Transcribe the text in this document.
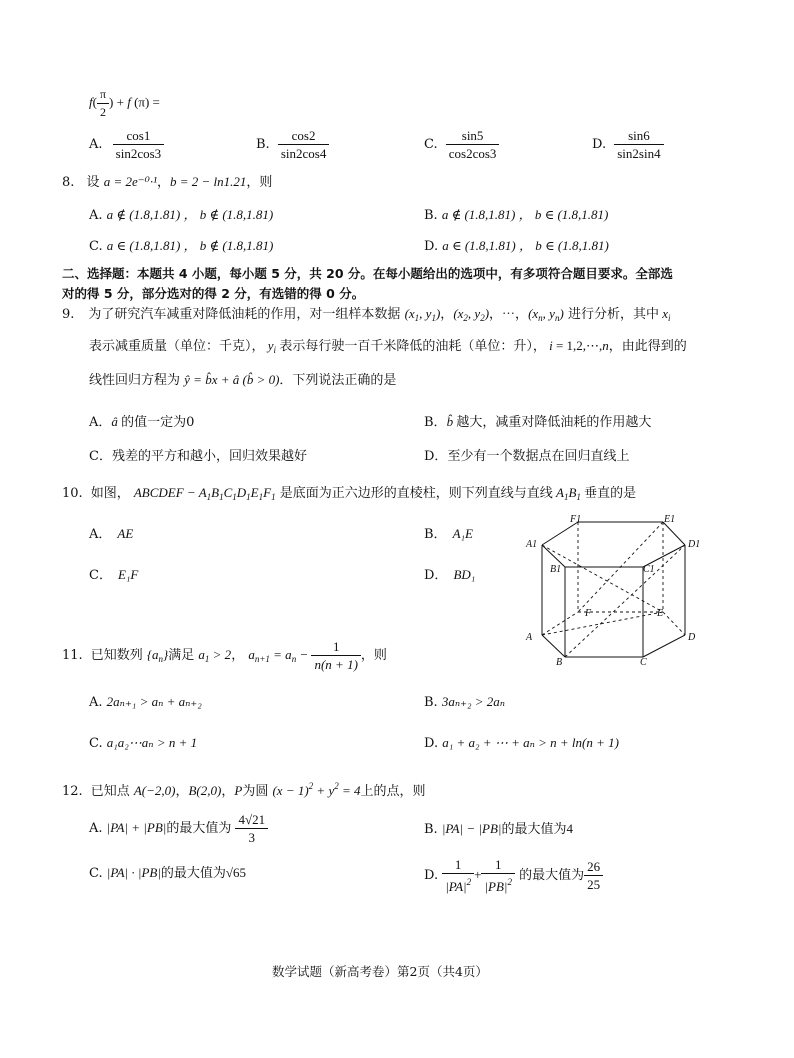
$f( \frac{\pi}{2}$ ) + f (π) =
A. $\frac{\cos 1}{\sin 2\cos 3}$	B. $\frac{\cos 2}{\sin 2\cos 4}$	C. $\frac{\sin 5}{\cos 2\cos 3}$	D. $\frac{\sin 6}{\sin 2\sin 4}$
8. 设 a = 2e⁻⁰·¹，b = 2 − ln1.21，则
A. a ∉ (1.8,1.81) ， b ∉ (1.8,1.81)	B. a ∉ (1.8,1.81) ， b ∈ (1.8,1.81)
C. a ∈ (1.8,1.81) ， b ∉ (1.8,1.81)	D. a ∈ (1.8,1.81) ， b ∈ (1.8,1.81)
二、选择题：本题共 4 小题，每小题 5 分，共 20 分。在每小题给出的选项中，有多项符合题目要求。全部选
对的得 5 分，部分选对的得 2 分，有选错的得 0 分。
9. 为了研究汽车减重对降低油耗的作用，对一组样本数据 ($x_1$, $y_1$)，($x_2$, $y_2$)，⋯，($x_n$, $y_n$) 进行分析，其中 $x_i$
表示减重质量（单位：千克）， $y_i$ 表示每行驶一百千米降低的油耗（单位：升）， i = 1,2,⋯,n，由此得到的
线性回归方程为 ŷ = b̂x + â (b̂ > 0)．下列说法正确的是
A．â 的值一定为0	B．b̂ 越大，减重对降低油耗的作用越大
C．残差的平方和越小，回归效果越好	D．至少有一个数据点在回归直线上
10. 如图， ABCDEF − $A_1B_1C_1D_1E_1F_1$ 是底面为正六边形的直棱柱，则下列直线与直线 $A_1B_1$ 垂直的是
A． AE	B． A₁E
C． E₁F	D． BD₁
F1	E1
A1	D1
B1	C1
F	E
A	D
B	C
11. 已知数列 $\{a_n\}$满足 $a_1 > 2$， $a_{n+1} = a_n - \frac{1}{n(n + 1)}$ ，则
A. 2aₙ₊₁ > aₙ + aₙ₊₂	B. 3aₙ₊₂ > 2aₙ
C. a₁a₂⋯aₙ > n + 1	D. a₁ + a₂ + ⋯ + aₙ > n + ln(n + 1)
12. 已知点 A(−2,0)，B(2,0)，P为圆 $(x - 1)^2 + y^2 = 4$上的点，则
A. |PA| + |PB|的最大值为 $\frac{4√21}{3}$	B. |PA| − |PB|的最大值为4
C. |PA| · |PB|的最大值为√65	D. $\frac{1}{|PA|^2} + \frac{1}{|PB|^2}$ 的最大值为 $\frac{26}{25}$
数学试题（新高考卷）第2页（共4页）
